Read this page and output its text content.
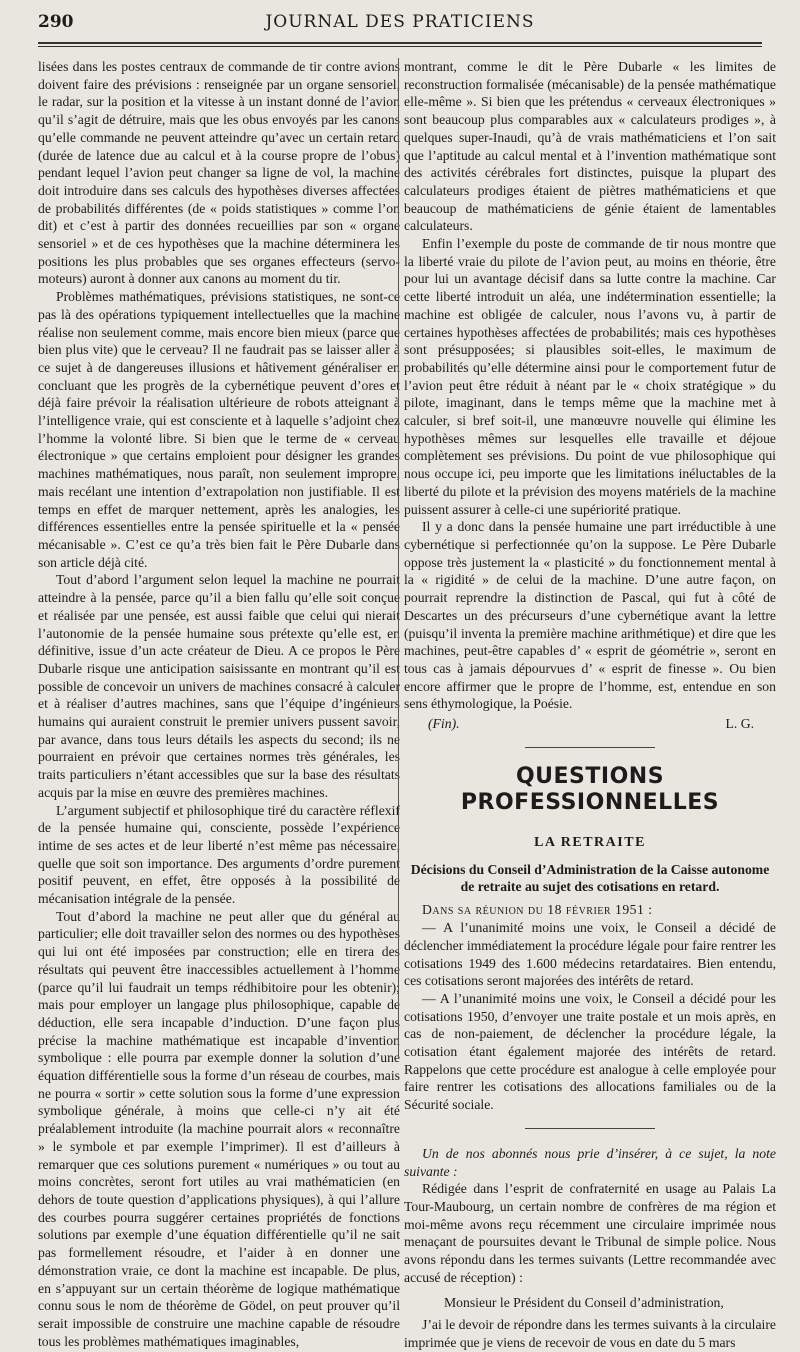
290	JOURNAL DES PRATICIENS

lisées dans les postes centraux de commande de tir contre avions doivent faire des prévisions : renseignée par un organe sensoriel, le radar, sur la position et la vitesse à un instant donné de l’avion qu’il s’agit de détruire, mais que les obus envoyés par les canons qu’elle commande ne peuvent atteindre qu’avec un certain retard (durée de latence due au calcul et à la course propre de l’obus) pendant lequel l’avion peut changer sa ligne de vol, la machine doit introduire dans ses calculs des hypothèses diverses affectées de probabilités différentes (de « poids statistiques » comme l’on dit) et c’est à partir des données recueillies par son « organe sensoriel » et de ces hypothèses que la machine déterminera les positions les plus probables que ses organes effecteurs (servo-moteurs) auront à donner aux canons au moment du tir.

Problèmes mathématiques, prévisions statistiques, ne sont-ce pas là des opérations typiquement intellectuelles que la machine réalise non seulement comme, mais encore bien mieux (parce que bien plus vite) que le cerveau? Il ne faudrait pas se laisser aller à ce sujet à de dangereuses illusions et hâtivement généraliser en concluant que les progrès de la cybernétique peuvent d’ores et déjà faire prévoir la réalisation ultérieure de robots atteignant à l’intelligence vraie, qui est consciente et à laquelle s’adjoint chez l’homme la volonté libre. Si bien que le terme de « cerveau électronique » que certains emploient pour désigner les grandes machines mathématiques, nous paraît, non seulement impropre, mais recélant une intention d’extrapolation non justifiable. Il est temps en effet de marquer nettement, après les analogies, les différences essentielles entre la pensée spirituelle et la « pensée mécanisable ». C’est ce qu’a très bien fait le Père Dubarle dans son article déjà cité.

Tout d’abord l’argument selon lequel la machine ne pourrait atteindre à la pensée, parce qu’il a bien fallu qu’elle soit conçue et réalisée par une pensée, est aussi faible que celui qui nierait l’autonomie de la pensée humaine sous prétexte qu’elle est, en définitive, issue d’un acte créateur de Dieu. A ce propos le Père Dubarle risque une anticipation saisissante en montrant qu’il est possible de concevoir un univers de machines consacré à calculer et à réaliser d’autres machines, sans que l’équipe d’ingénieurs humains qui auraient construit le premier univers pussent savoir, par avance, dans tous leurs détails les aspects du second; ils ne pourraient en prévoir que certaines normes très générales, les traits particuliers n’étant accessibles que sur la base des résultats acquis par la mise en œuvre des premières machines.

L’argument subjectif et philosophique tiré du caractère réflexif de la pensée humaine qui, consciente, possède l’expérience intime de ses actes et de leur liberté n’est même pas nécessaire, quelle que soit son importance. Des arguments d’ordre purement positif peuvent, en effet, être opposés à la possibilité de mécanisation intégrale de la pensée.

Tout d’abord la machine ne peut aller que du général au particulier; elle doit travailler selon des normes ou des hypothèses qui lui ont été imposées par construction; elle en tirera des résultats qui peuvent être inaccessibles actuellement à l’homme (parce qu’il lui faudrait un temps rédhibitoire pour les obtenir); mais pour employer un langage plus philosophique, capable de déduction, elle sera incapable d’induction. D’une façon plus précise la machine mathématique est incapable d’invention symbolique : elle pourra par exemple donner la solution d’une équation différentielle sous la forme d’un réseau de courbes, mais ne pourra « sortir » cette solution sous la forme d’une expression symbolique générale, à moins que celle-ci n’y ait été préalablement introduite (la machine pourrait alors « reconnaître » le symbole et par exemple l’imprimer). Il est d’ailleurs à remarquer que ces solutions purement « numériques » ou tout au moins concrètes, seront fort utiles au vrai mathématicien (en dehors de toute question d’applications physiques), à qui l’allure des courbes pourra suggérer certaines propriétés de fonctions solutions par exemple d’une équation différentielle qu’il ne sait pas formellement résoudre, et l’aider à en donner une démonstration vraie, ce dont la machine est incapable. De plus, en s’appuyant sur un certain théorème de logique mathématique connu sous le nom de théorème de Gödel, on peut prouver qu’il serait impossible de construire une machine capable de résoudre tous les problèmes mathématiques imaginables,

montrant, comme le dit le Père Dubarle « les limites de reconstruction formalisée (mécanisable) de la pensée mathématique elle-même ». Si bien que les prétendus « cerveaux électroniques » sont beaucoup plus comparables aux « calculateurs prodiges », à quelques super-Inaudi, qu’à de vrais mathématiciens et l’on sait que l’aptitude au calcul mental et à l’invention mathématique sont des activités cérébrales fort distinctes, puisque la plupart des calculateurs prodiges étaient de piètres mathématiciens et que beaucoup de mathématiciens de génie étaient de lamentables calculateurs.

Enfin l’exemple du poste de commande de tir nous montre que la liberté vraie du pilote de l’avion peut, au moins en théorie, être pour lui un avantage décisif dans sa lutte contre la machine. Car cette liberté introduit un aléa, une indétermination essentielle; la machine est obligée de calculer, nous l’avons vu, à partir de certaines hypothèses affectées de probabilités; mais ces hypothèses sont présupposées; si plausibles soit-elles, le maximum de probabilités qu’elle détermine ainsi pour le comportement futur de l’avion peut être réduit à néant par le « choix stratégique » du pilote, imaginant, dans le temps même que la machine met à calculer, si bref soit-il, une manœuvre nouvelle qui élimine les hypothèses mêmes sur lesquelles elle travaille et déjoue complètement ses prévisions. Du point de vue philosophique qui nous occupe ici, peu importe que les limitations inéluctables de la liberté du pilote et la prévision des moyens matériels de la machine puissent assurer à celle-ci une supériorité pratique.

Il y a donc dans la pensée humaine une part irréductible à une cybernétique si perfectionnée qu’on la suppose. Le Père Dubarle oppose très justement la « plasticité » du fonctionnement mental à la « rigidité » de celui de la machine. D’une autre façon, on pourrait reprendre la distinction de Pascal, qui fut à côté de Descartes un des précurseurs d’une cybernétique avant la lettre (puisqu’il inventa la première machine arithmétique) et dire que les machines, peut-être capables d’ « esprit de géométrie », seront en tous cas à jamais dépourvues d’ « esprit de finesse ». Ou bien encore affirmer que le propre de l’homme, est, entendue en son sens éthymologique, la Poésie.

(Fin).	L. G.
QUESTIONS PROFESSIONNELLES
LA RETRAITE
Décisions du Conseil d’Administration de la Caisse autonome de retraite au sujet des cotisations en retard.

Dans sa réunion du 18 février 1951 :

— A l’unanimité moins une voix, le Conseil a décidé de déclencher immédiatement la procédure légale pour faire rentrer les cotisations 1949 des 1.600 médecins retardataires. Bien entendu, ces cotisations seront majorées des intérêts de retard.

— A l’unanimité moins une voix, le Conseil a décidé pour les cotisations 1950, d’envoyer une traite postale et un mois après, en cas de non-paiement, de déclencher la procédure légale, la cotisation étant également majorée des intérêts de retard. Rappelons que cette procédure est analogue à celle employée pour faire rentrer les cotisations des allocations familiales ou de la Sécurité sociale.

Un de nos abonnés nous prie d’insérer, à ce sujet, la note suivante :

Rédigée dans l’esprit de confraternité en usage au Palais La Tour-Maubourg, un certain nombre de confrères de ma région et moi-même avons reçu récemment une circulaire imprimée nous menaçant de poursuites devant le Tribunal de simple police. Nous avons répondu dans les termes suivants (Lettre recommandée avec accusé de réception) :

Monsieur le Président du Conseil d’administration,

J’ai le devoir de répondre dans les termes suivants à la circulaire imprimée que je viens de recevoir de vous en date du 5 mars
